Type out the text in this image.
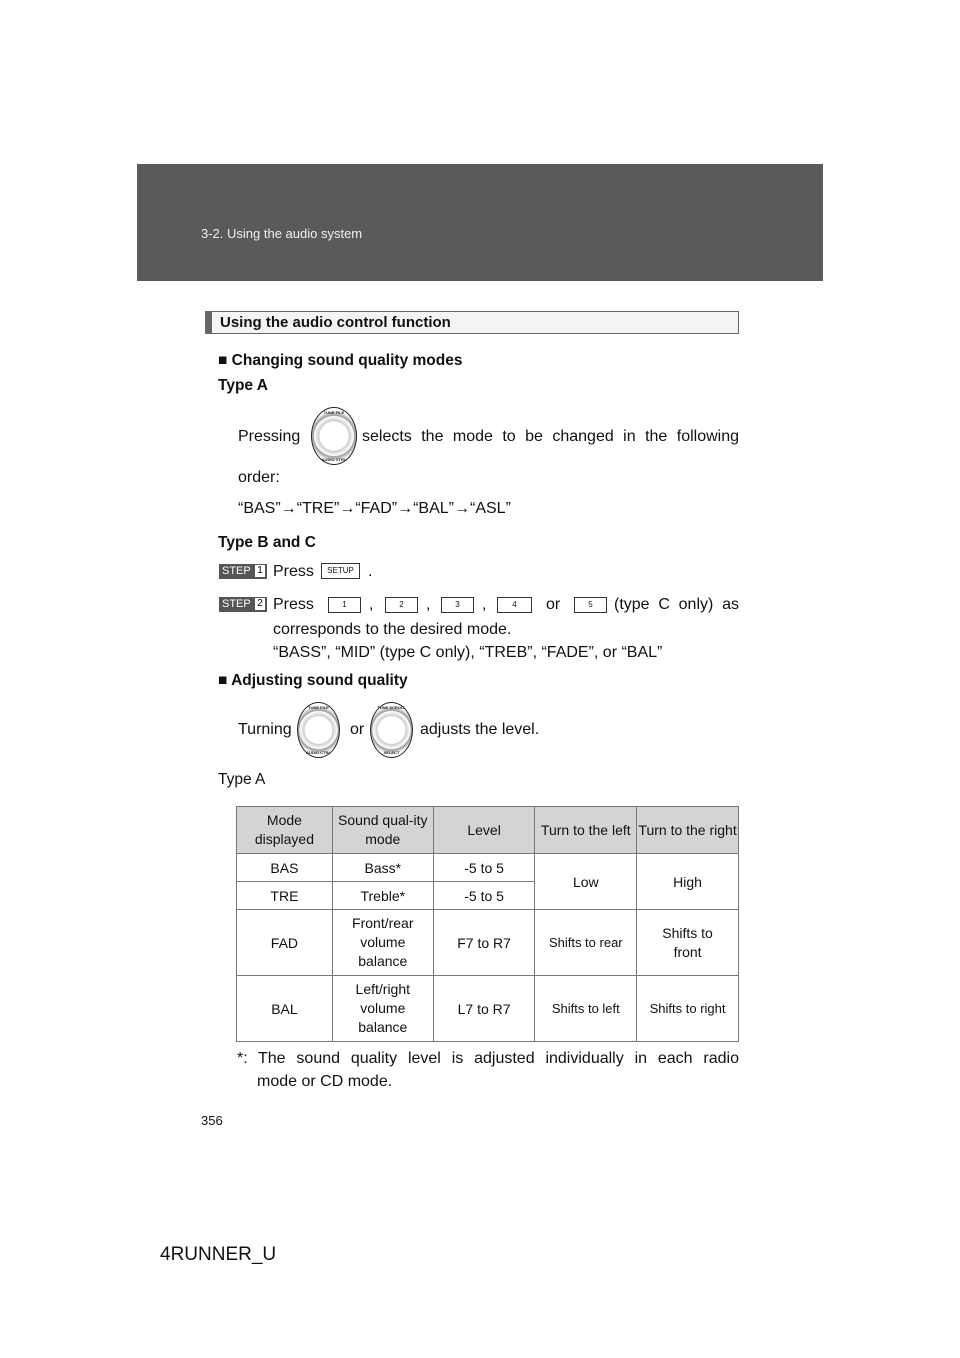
3-2. Using the audio system
Using the audio control function
■ Changing sound quality modes
Type A
Pressing
TUNE FILE
AUDIO CTRL
selects the mode to be changed in the following
order:
“BAS”→“TRE”→“FAD”→“BAL”→“ASL”
Type B and C
STEP 1 Press	SETUP .
STEP 2 Press	1	,	2	,	3	,	4	or	5	(type C only) as
corresponds to the desired mode.
“BASS”, “MID” (type C only), “TREB”, “FADE”, or “BAL”
■ Adjusting sound quality
Turning
TUNE FILE
AUDIO CTRL
or
TUNE SCROLL
SELECT
adjusts the level.
Type A
Mode displayed	Sound qual-ity mode	Level	Turn to the left	Turn to the right
BAS	Bass*	-5 to 5	Low	High
TRE	Treble*	-5 to 5		
FAD	Front/rear volume balance	F7 to R7	Shifts to rear	Shifts to front
BAL	Left/right volume balance	L7 to R7	Shifts to left	Shifts to right
*: The sound quality level is adjusted individually in each radio
mode or CD mode.
356
4RUNNER_U
